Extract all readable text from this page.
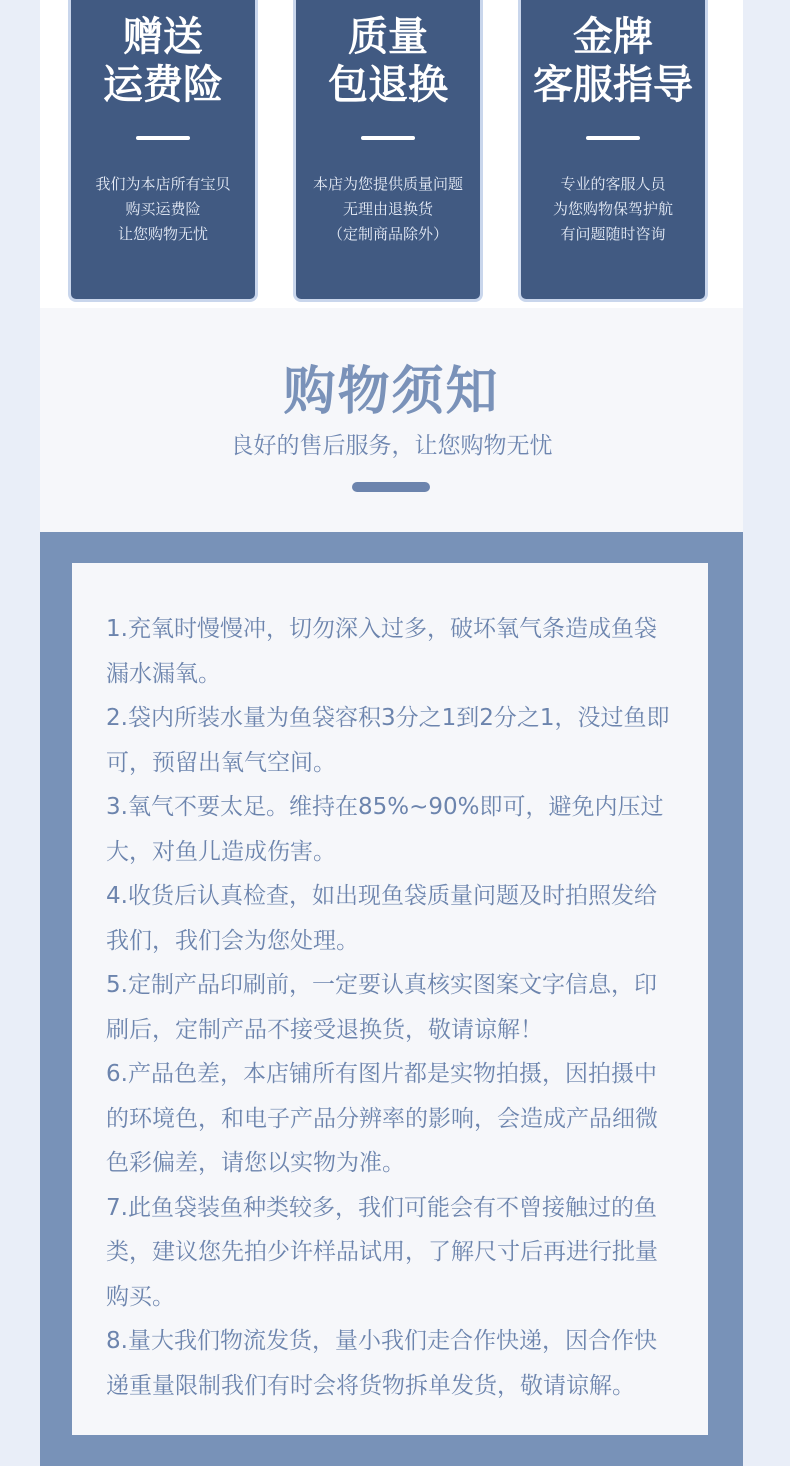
赠送
运费险
我们为本店所有宝贝
购买运费险
让您购物无忧
质量
包退换
本店为您提供质量问题
无理由退换货
（定制商品除外）
金牌
客服指导
专业的客服人员
为您购物保驾护航
有问题随时咨询
购物须知
良好的售后服务，让您购物无忧
1.充氧时慢慢冲，切勿深入过多，破坏氧气条造成鱼袋漏水漏氧。
2.袋内所装水量为鱼袋容积3分之1到2分之1，没过鱼即可，预留出氧气空间。
3.氧气不要太足。维持在85%~90%即可，避免内压过大，对鱼儿造成伤害。
4.收货后认真检查，如出现鱼袋质量问题及时拍照发给我们，我们会为您处理。
5.定制产品印刷前，一定要认真核实图案文字信息，印刷后，定制产品不接受退换货，敬请谅解！
6.产品色差，本店铺所有图片都是实物拍摄，因拍摄中的环境色，和电子产品分辨率的影响，会造成产品细微色彩偏差，请您以实物为准。
7.此鱼袋装鱼种类较多，我们可能会有不曾接触过的鱼类，建议您先拍少许样品试用，了解尺寸后再进行批量购买。
8.量大我们物流发货，量小我们走合作快递，因合作快递重量限制我们有时会将货物拆单发货，敬请谅解。
